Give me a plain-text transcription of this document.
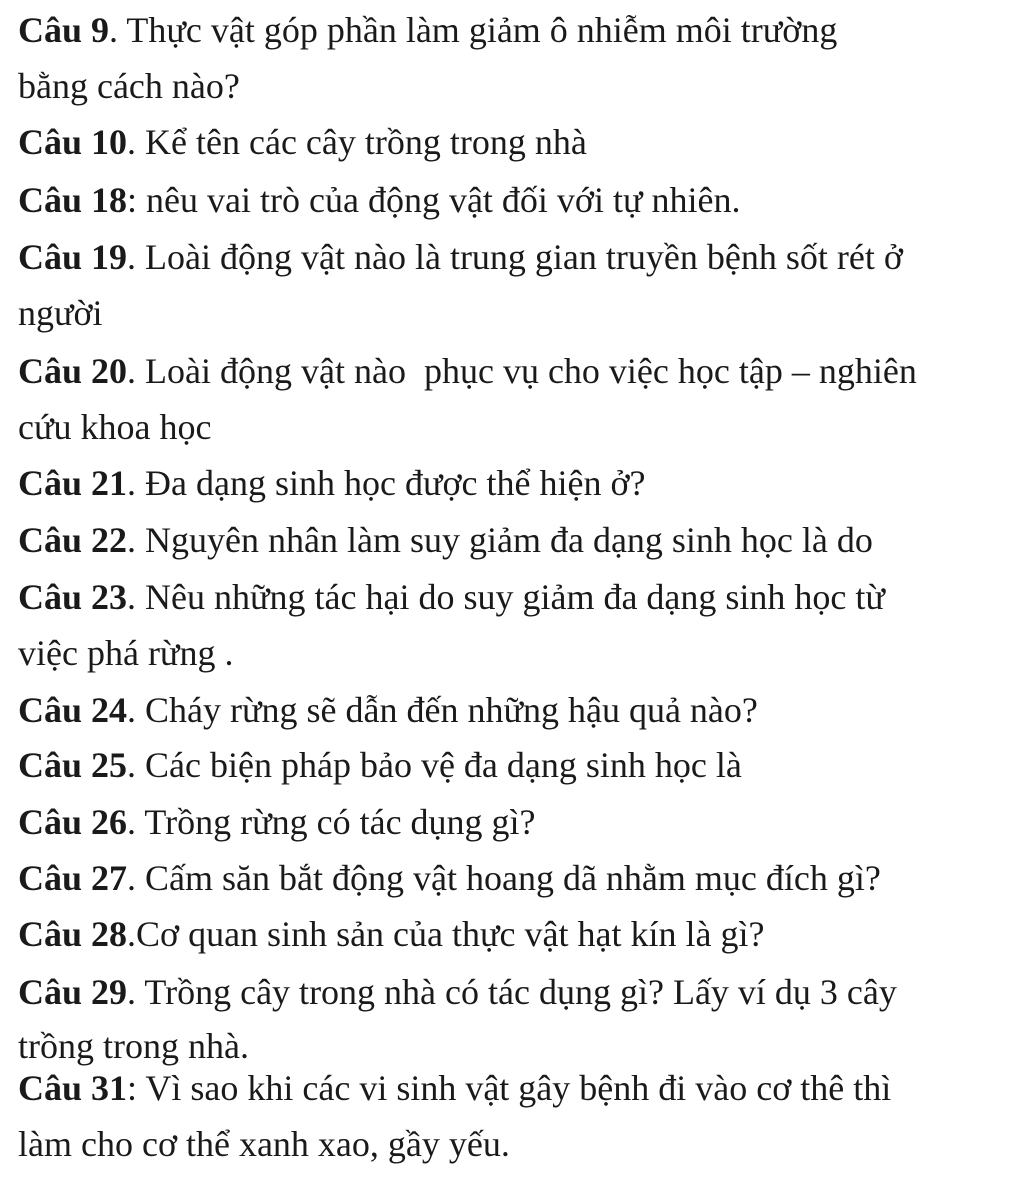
Câu 9. Thực vật góp phần làm giảm ô nhiễm môi trường
bằng cách nào?
Câu 10. Kể tên các cây trồng trong nhà
Câu 18: nêu vai trò của động vật đối với tự nhiên.
Câu 19. Loài động vật nào là trung gian truyền bệnh sốt rét ở
người
Câu 20. Loài động vật nào  phục vụ cho việc học tập – nghiên
cứu khoa học
Câu 21. Đa dạng sinh học được thể hiện ở?
Câu 22. Nguyên nhân làm suy giảm đa dạng sinh học là do
Câu 23. Nêu những tác hại do suy giảm đa dạng sinh học từ
việc phá rừng .
Câu 24. Cháy rừng sẽ dẫn đến những hậu quả nào?
Câu 25. Các biện pháp bảo vệ đa dạng sinh học là
Câu 26. Trồng rừng có tác dụng gì?
Câu 27. Cấm săn bắt động vật hoang dã nhằm mục đích gì?
Câu 28.Cơ quan sinh sản của thực vật hạt kín là gì?
Câu 29. Trồng cây trong nhà có tác dụng gì? Lấy ví dụ 3 cây
trồng trong nhà.
Câu 31: Vì sao khi các vi sinh vật gây bệnh đi vào cơ thê thì
làm cho cơ thể xanh xao, gầy yếu.
